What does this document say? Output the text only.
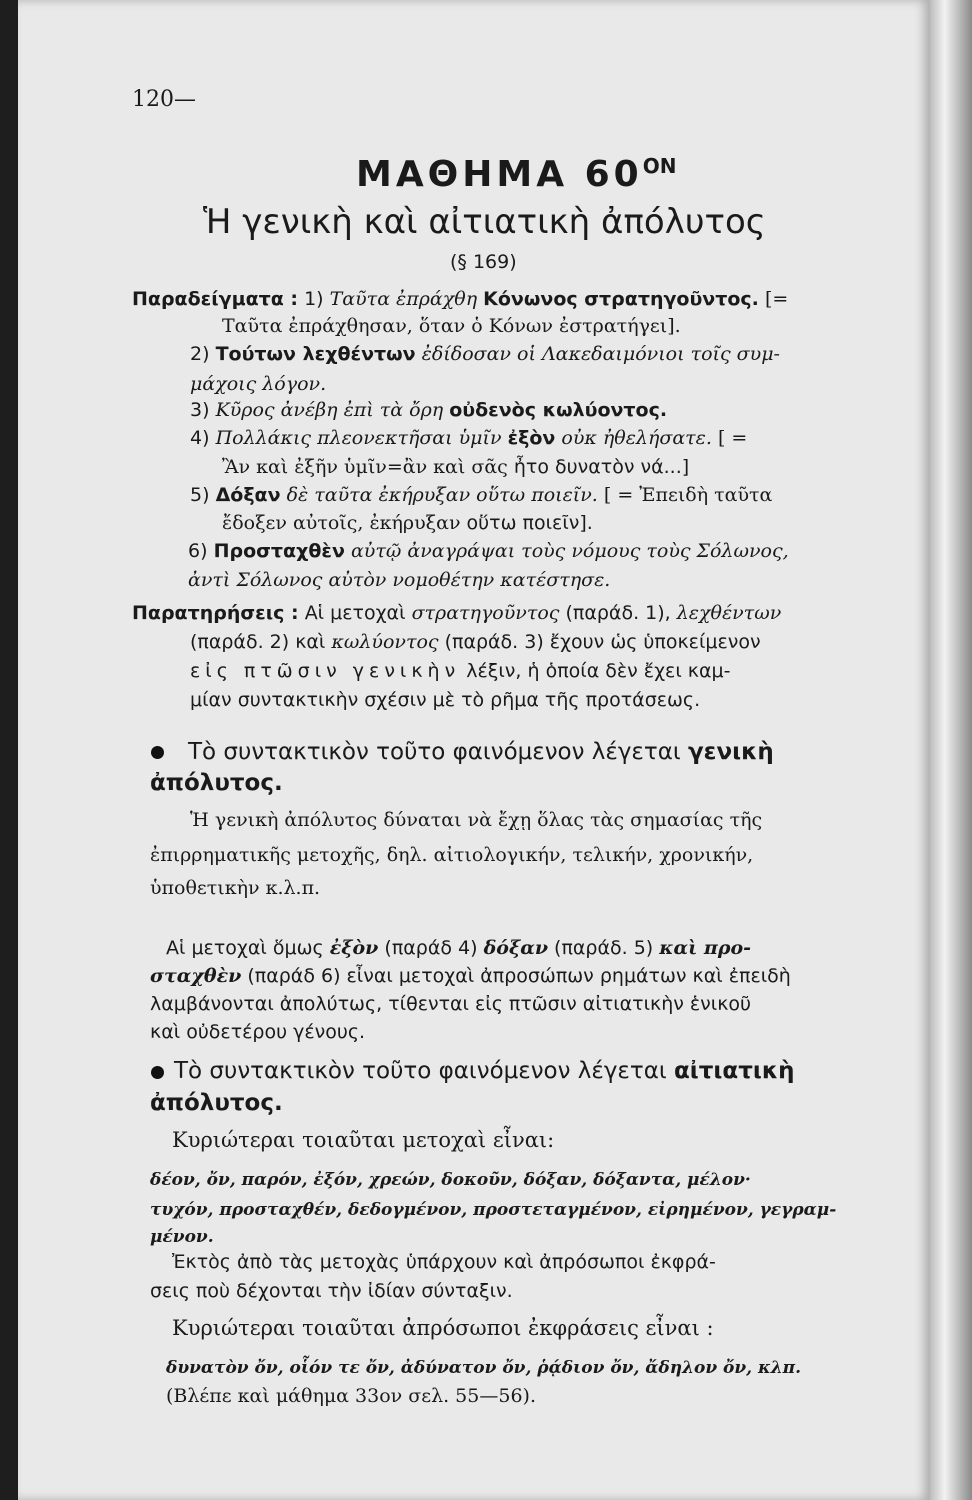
120—
ΜΑΘΗΜΑ $60^{ON}$
Ἡ γενικὴ καὶ αἰτιατικὴ ἀπόλυτος
(§ 169)
Παραδείγματα : 1) Ταῦτα ἐπράχθη Κόνωνος στρατηγοῦντος. [=
Ταῦτα ἐπράχθησαν, ὅταν ὁ Κόνων ἐστρατήγει].
2) Τούτων λεχθέντων ἐδίδοσαν οἱ Λακεδαιμόνιοι τοῖς συμ-
μάχοις λόγον.
3) Κῦρος ἀνέβη ἐπὶ τὰ ὄρη οὐδενὸς κωλύοντος.
4) Πολλάκις πλεονεκτῆσαι ὑμῖν ἐξὸν οὐκ ἠθελήσατε. [ =
Ἂν καὶ ἐξῆν ὑμῖν=ἂν καὶ σᾶς ἦτο δυνατὸν νά...]
5) Δόξαν δὲ ταῦτα ἐκήρυξαν οὕτω ποιεῖν. [ = Ἐπειδὴ ταῦτα
ἔδοξεν αὐτοῖς, ἐκήρυξαν οὕτω ποιεῖν].
6) Προσταχθὲν αὐτῷ ἀναγράψαι τοὺς νόμους τοὺς Σόλωνος,
ἀντὶ Σόλωνος αὐτὸν νομοθέτην κατέστησε.
Παρατηρήσεις : Αἱ μετοχαὶ στρατηγοῦντος (παράδ. 1), λεχθέντων
(παράδ. 2) καὶ κωλύοντος (παράδ. 3) ἔχουν ὡς ὑποκείμενον
εἰς πτῶσιν γενικὴν λέξιν, ἡ ὁποία δὲν ἔχει καμ-
μίαν συντακτικὴν σχέσιν μὲ τὸ ρῆμα τῆς προτάσεως.
Τὸ συντακτικὸν τοῦτο φαινόμενον λέγεται γενικὴ
ἀπόλυτος.
Ἡ γενικὴ ἀπόλυτος δύναται νὰ ἔχῃ ὅλας τὰς σημασίας τῆς
ἐπιρρηματικῆς μετοχῆς, δηλ. αἰτιολογικήν, τελικήν, χρονικήν,
ὑποθετικὴν κ.λ.π.
Αἱ μετοχαὶ ὅμως ἐξὸν (παράδ 4) δόξαν (παράδ. 5) καὶ προ-
σταχθὲν (παράδ 6) εἶναι μετοχαὶ ἀπροσώπων ρημάτων καὶ ἐπειδὴ
λαμβάνονται ἀπολύτως, τίθενται εἰς πτῶσιν αἰτιατικὴν ἑνικοῦ
καὶ οὐδετέρου γένους.
Τὸ συντακτικὸν τοῦτο φαινόμενον λέγεται αἰτιατικὴ
ἀπόλυτος.
Κυριώτεραι τοιαῦται μετοχαὶ εἶναι:
δέον, ὄν, παρόν, ἐξόν, χρεών, δοκοῦν, δόξαν, δόξαντα, μέλον·
τυχόν, προσταχθέν, δεδογμένον, προστεταγμένον, εἰρημένον, γεγραμ-
μένον.
Ἐκτὸς ἀπὸ τὰς μετοχὰς ὑπάρχουν καὶ ἀπρόσωποι ἐκφρά-
σεις ποὺ δέχονται τὴν ἰδίαν σύνταξιν.
Κυριώτεραι τοιαῦται ἀπρόσωποι ἐκφράσεις εἶναι :
δυνατὸν ὄν, οἷόν τε ὄν, ἀδύνατον ὄν, ῥᾴδιον ὄν, ἄδηλον ὄν, κλπ.
(Βλέπε καὶ μάθημα 33ον σελ. 55—56).
